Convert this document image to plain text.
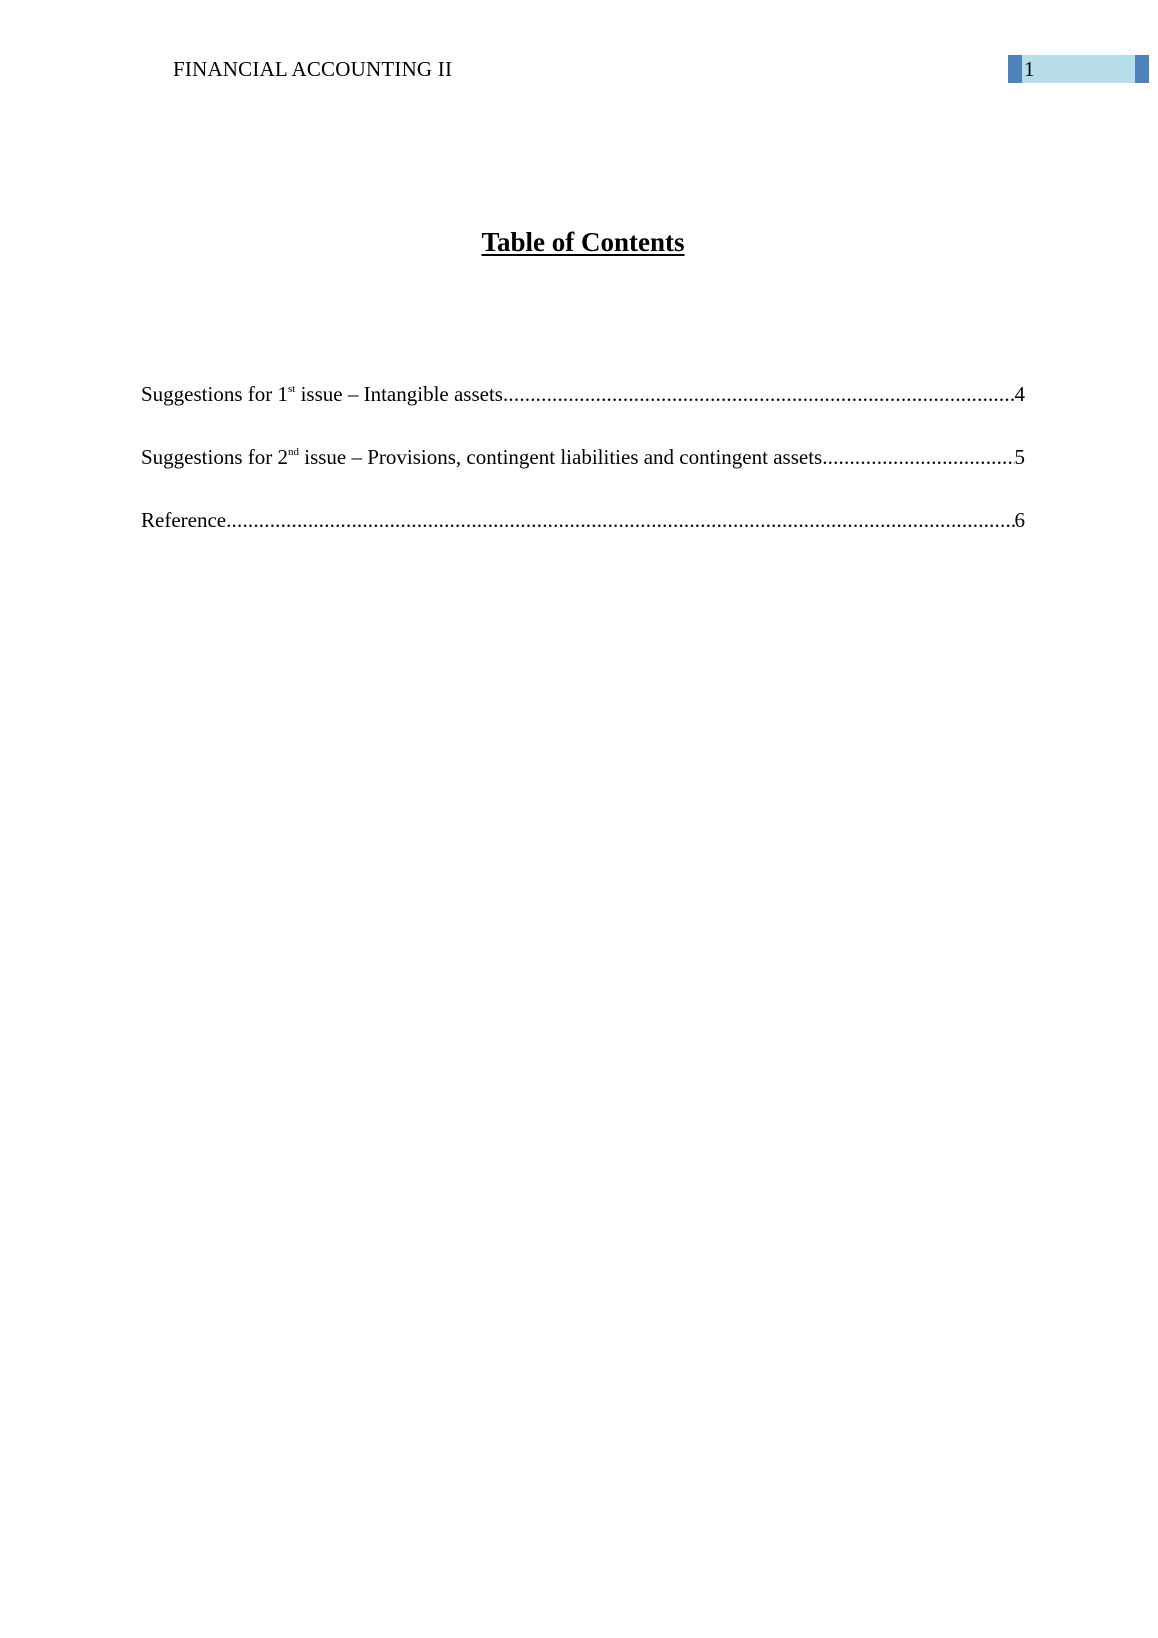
FINANCIAL ACCOUNTING II	1
Table of Contents
Suggestions for 1st issue – Intangible assets .....	4
Suggestions for 2nd issue – Provisions, contingent liabilities and contingent assets .....	5
Reference .....	6
